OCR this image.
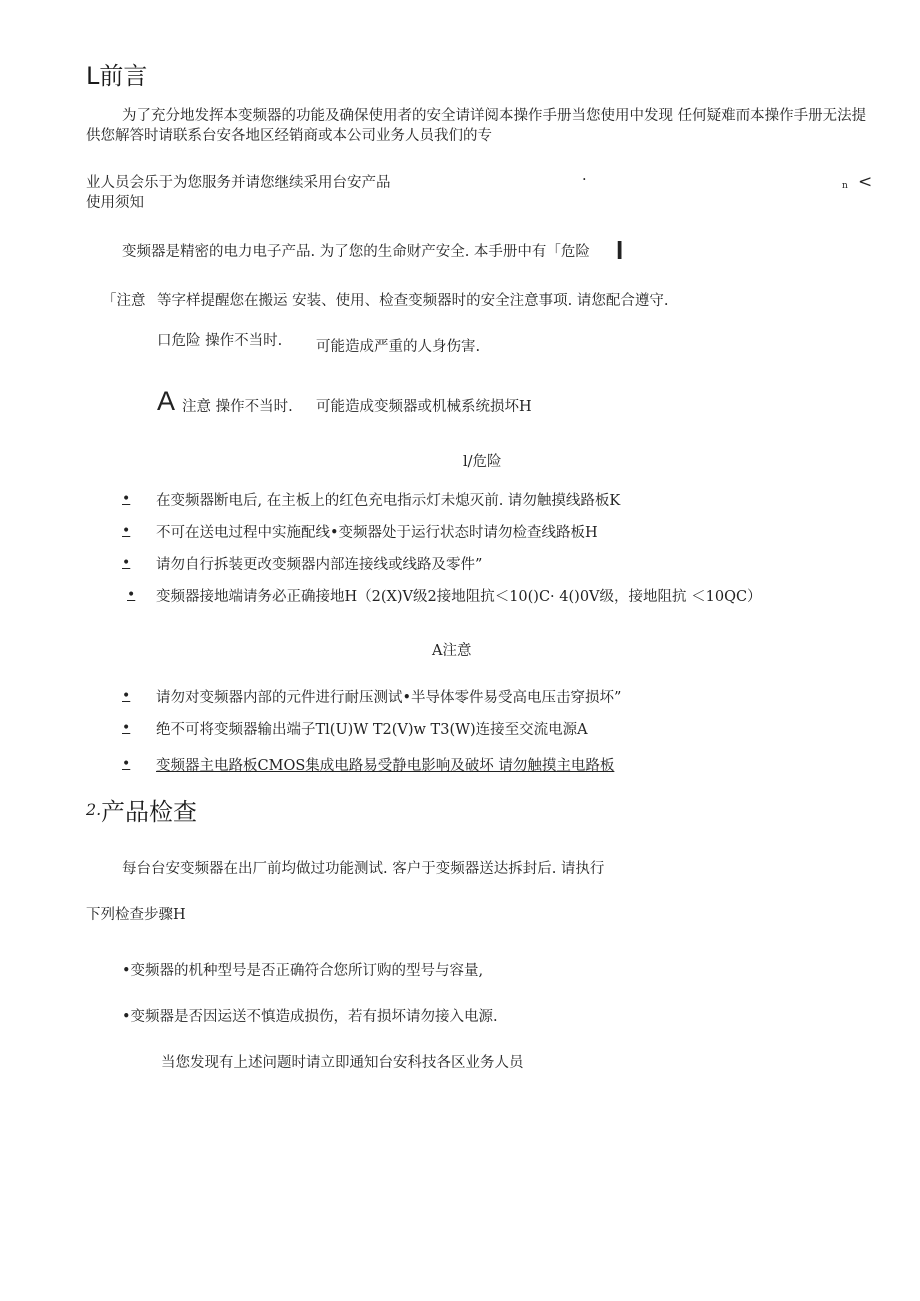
L前言
为了充分地发挥本变频器的功能及确保使用者的安全请详阅本操作手册当您使用中发现 任何疑难而本操作手册无法提供您解答时请联系台安各地区经销商或本公司业务人员我们的专
业人员会乐于为您服务并请您继续采用台安产品	·	n <
使用须知
变频器是精密的电力电子产品. 为了您的生命财产安全. 本手册中有「危险 I
「注意 等字样提醒您在搬运 安装、使用、检查变频器时的安全注意事项. 请您配合遵守.
口危险 操作不当时. 可能造成严重的人身伤害.
A 注意 操作不当时. 可能造成变频器或机械系统损坏H
l/危险
• 在变频器断电后, 在主板上的红色充电指示灯未熄灭前. 请勿触摸线路板K
• 不可在送电过程中实施配线•变频器处于运行状态时请勿检查线路板H
• 请勿自行拆装更改变频器内部连接线或线路及零件”
• 变频器接地端请务必正确接地H（2(X)V级2接地阻抗＜10()C· 4()0V级，接地阻抗 ＜10QC）
A注意
• 请勿对变频器内部的元件进行耐压测试•半导体零件易受高电压击穿损坏”
• 绝不可将变频器输出端子Tl(U)W T2(V)w T3(W)连接至交流电源A
• 变频器主电路板CMOS集成电路易受静电影响及破坏 请勿触摸主电路板
2. 产品检查
每台台安变频器在出厂前均做过功能测试. 客户于变频器送达拆封后. 请执行
下列检查步骤H
•变频器的机种型号是否正确符合您所订购的型号与容量,
•变频器是否因运送不慎造成损伤，若有损坏请勿接入电源.
当您发现有上述问题时请立即通知台安科技各区业务人员
